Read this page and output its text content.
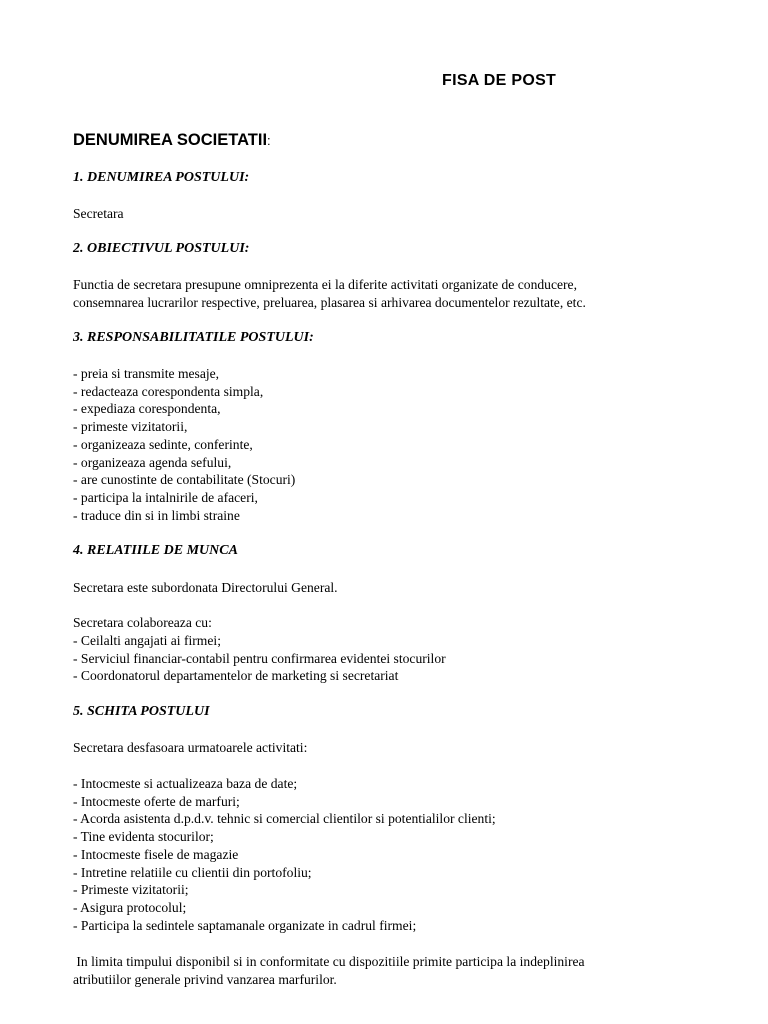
FISA DE POST
DENUMIREA SOCIETATII:
1. DENUMIREA POSTULUI:
Secretara
2. OBIECTIVUL POSTULUI:
Functia de secretara presupune omniprezenta ei la diferite activitati organizate de conducere,
consemnarea lucrarilor respective, preluarea, plasarea si arhivarea documentelor rezultate, etc.
3. RESPONSABILITATILE POSTULUI:
- preia si transmite mesaje,
- redacteaza corespondenta simpla,
- expediaza corespondenta,
- primeste vizitatorii,
- organizeaza sedinte, conferinte,
- organizeaza agenda sefului,
- are cunostinte de contabilitate (Stocuri)
- participa la intalnirile de afaceri,
- traduce din si in limbi straine
4. RELATIILE DE MUNCA
Secretara este subordonata Directorului General.
Secretara colaboreaza cu:
- Ceilalti angajati ai firmei;
- Serviciul financiar-contabil pentru confirmarea evidentei stocurilor
- Coordonatorul departamentelor de marketing si secretariat
5. SCHITA POSTULUI
Secretara desfasoara urmatoarele activitati:
- Intocmeste si actualizeaza baza de date;
- Intocmeste oferte de marfuri;
- Acorda asistenta d.p.d.v. tehnic si comercial clientilor si potentialilor clienti;
- Tine evidenta stocurilor;
- Intocmeste fisele de magazie
- Intretine relatiile cu clientii din portofoliu;
- Primeste vizitatorii;
- Asigura protocolul;
- Participa la sedintele saptamanale organizate in cadrul firmei;
In limita timpului disponibil si in conformitate cu dispozitiile primite participa la indeplinirea
atributiilor generale privind vanzarea marfurilor.
